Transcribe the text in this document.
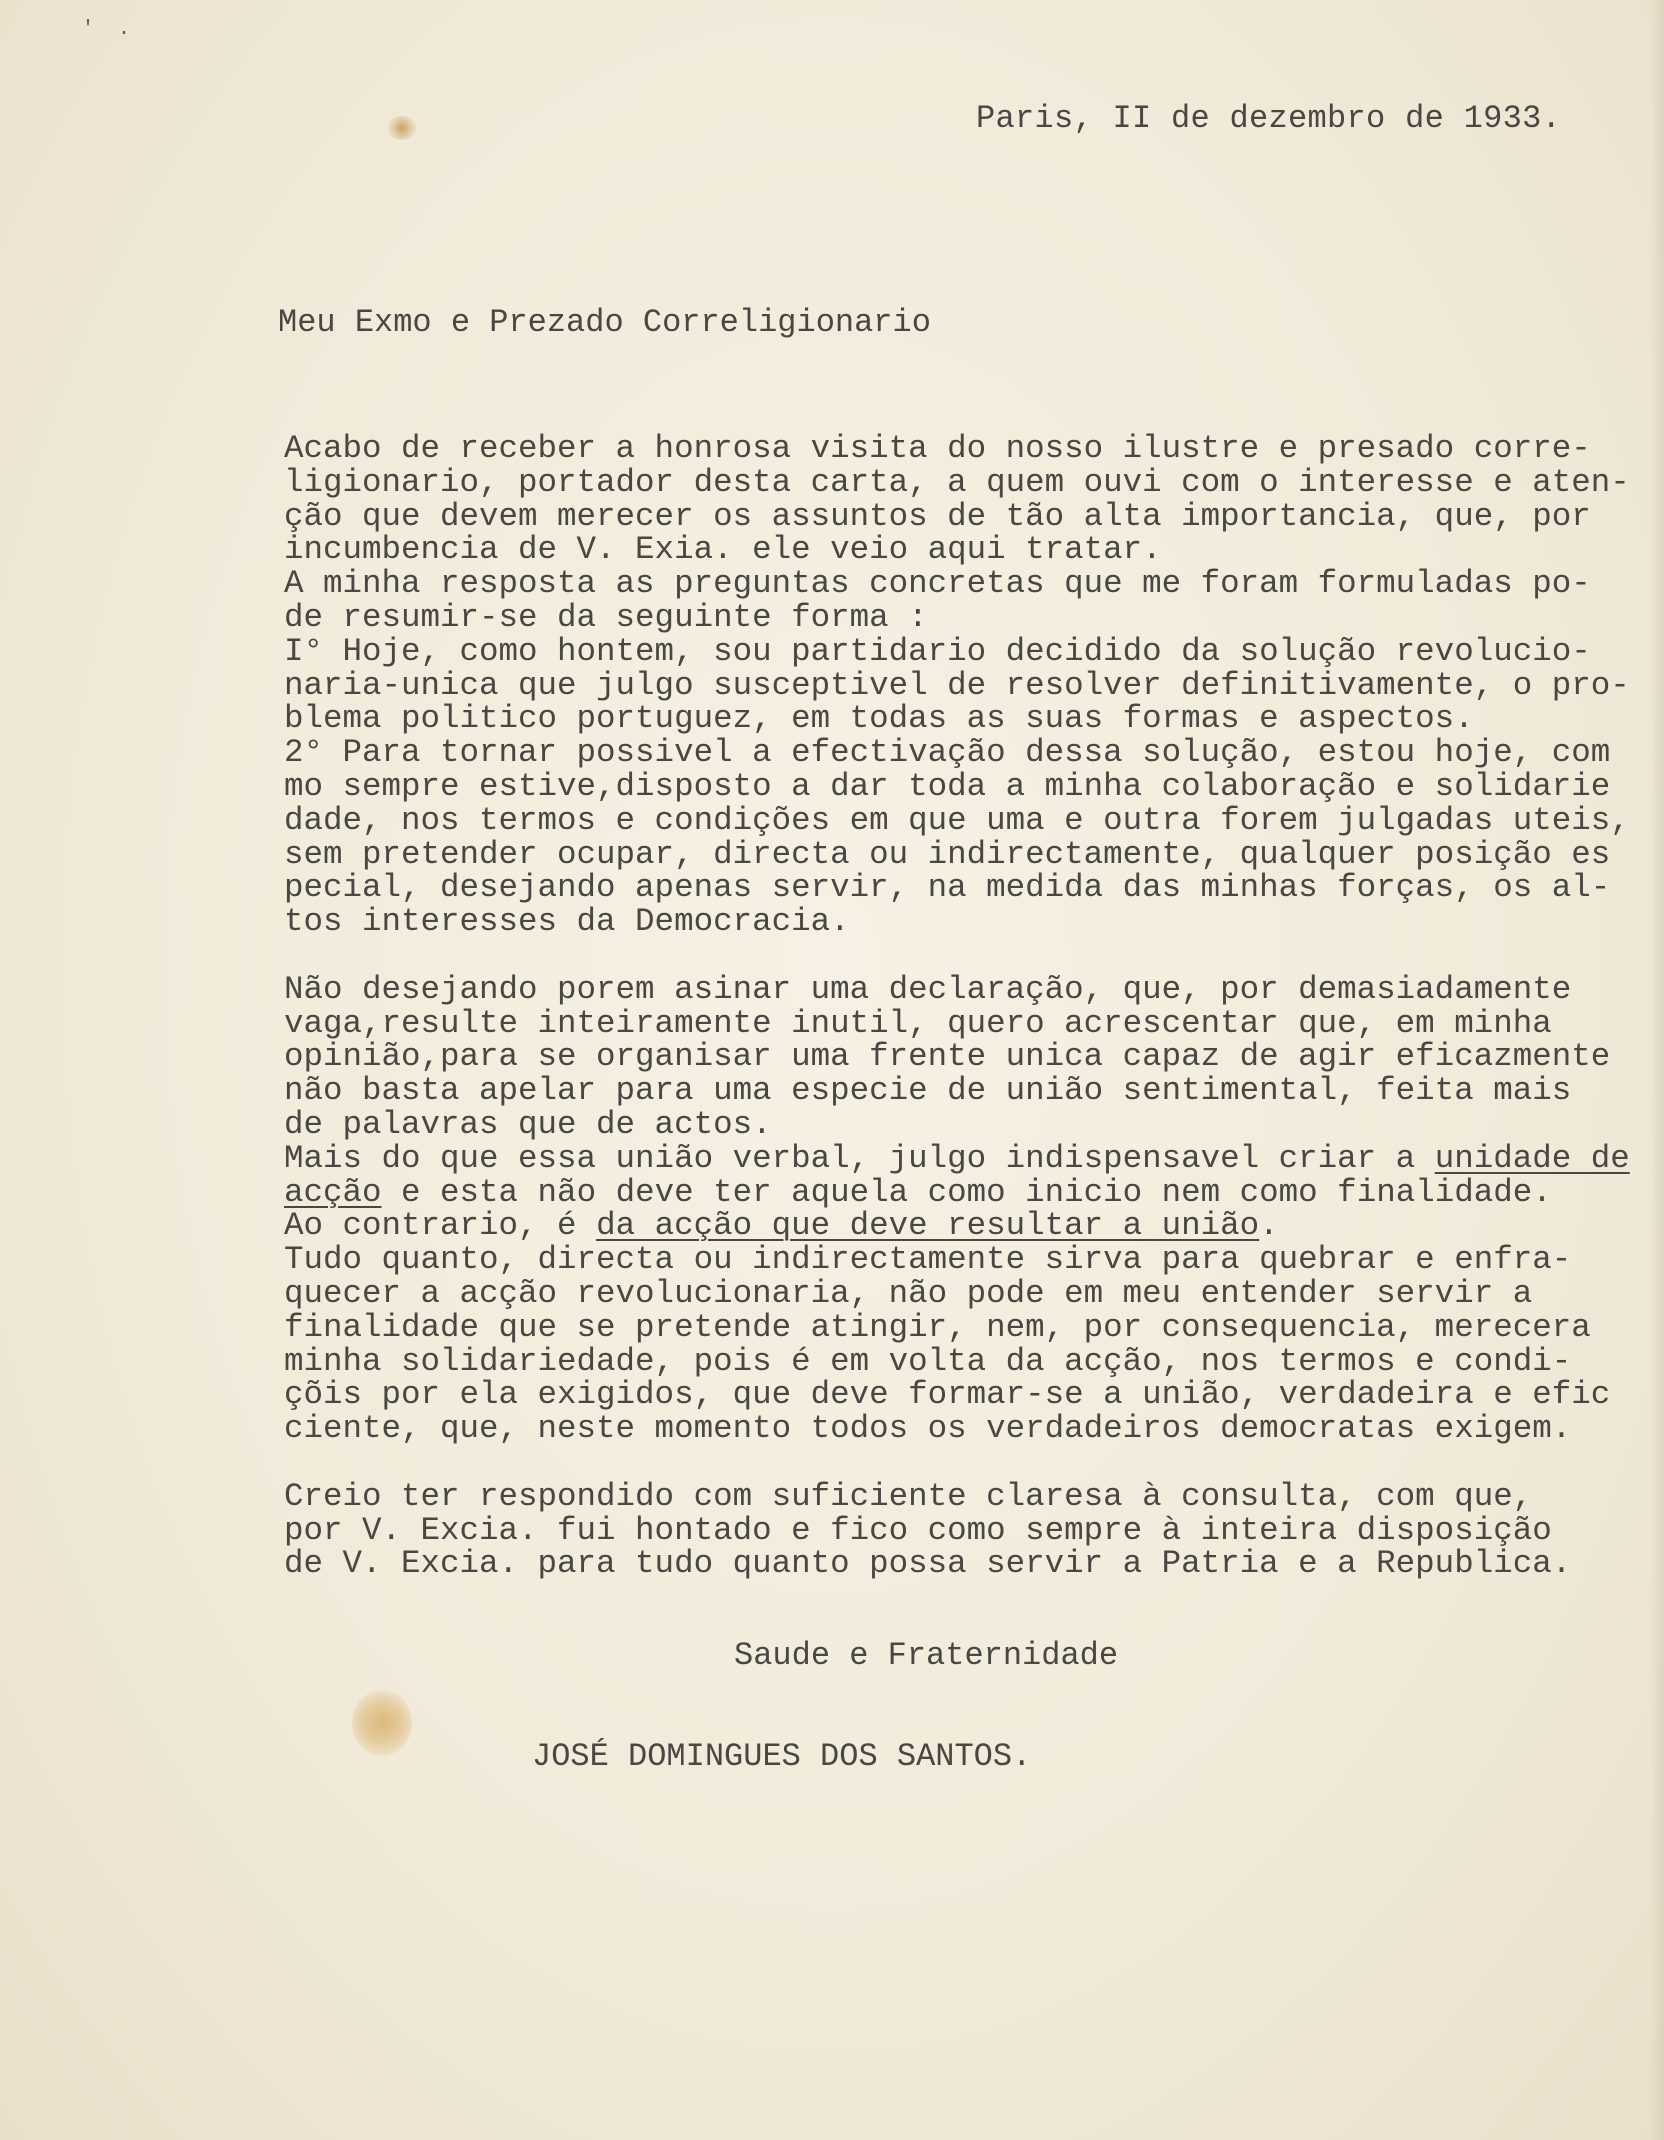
' .
Paris, II de dezembro de 1933.
Meu Exmo e Prezado Correligionario
Acabo de receber a honrosa visita do nosso ilustre e presado corre-
ligionario, portador desta carta, a quem ouvi com o interesse e aten-
ção que devem merecer os assuntos de tão alta importancia, que, por
incumbencia de V. Exia. ele veio aqui tratar.
A minha resposta as preguntas concretas que me foram formuladas po-
de resumir-se da seguinte forma :
I° Hoje, como hontem, sou partidario decidido da solução revolucio-
naria-unica que julgo susceptivel de resolver definitivamente, o pro-
blema politico portuguez, em todas as suas formas e aspectos.
2° Para tornar possivel a efectivação dessa solução, estou hoje, com
mo sempre estive,disposto a dar toda a minha colaboração e solidarie
dade, nos termos e condições em que uma e outra forem julgadas uteis,
sem pretender ocupar, directa ou indirectamente, qualquer posição es
pecial, desejando apenas servir, na medida das minhas forças, os al-
tos interesses da Democracia.
Não desejando porem asinar uma declaração, que, por demasiadamente
vaga,resulte inteiramente inutil, quero acrescentar que, em minha
opinião,para se organisar uma frente unica capaz de agir eficazmente
não basta apelar para uma especie de união sentimental, feita mais
de palavras que de actos.
Mais do que essa união verbal, julgo indispensavel criar a unidade de
acção e esta não deve ter aquela como inicio nem como finalidade.
Ao contrario, é da acção que deve resultar a união.
Tudo quanto, directa ou indirectamente sirva para quebrar e enfra-
quecer a acção revolucionaria, não pode em meu entender servir a
finalidade que se pretende atingir, nem, por consequencia, merecera
minha solidariedade, pois é em volta da acção, nos termos e condi-
çõis por ela exigidos, que deve formar-se a união, verdadeira e efic
ciente, que, neste momento todos os verdadeiros democratas exigem.
Creio ter respondido com suficiente claresa à consulta, com que,
por V. Excia. fui hontado e fico como sempre à inteira disposição
de V. Excia. para tudo quanto possa servir a Patria e a Republica.
Saude e Fraternidade
JOSÉ DOMINGUES DOS SANTOS.
